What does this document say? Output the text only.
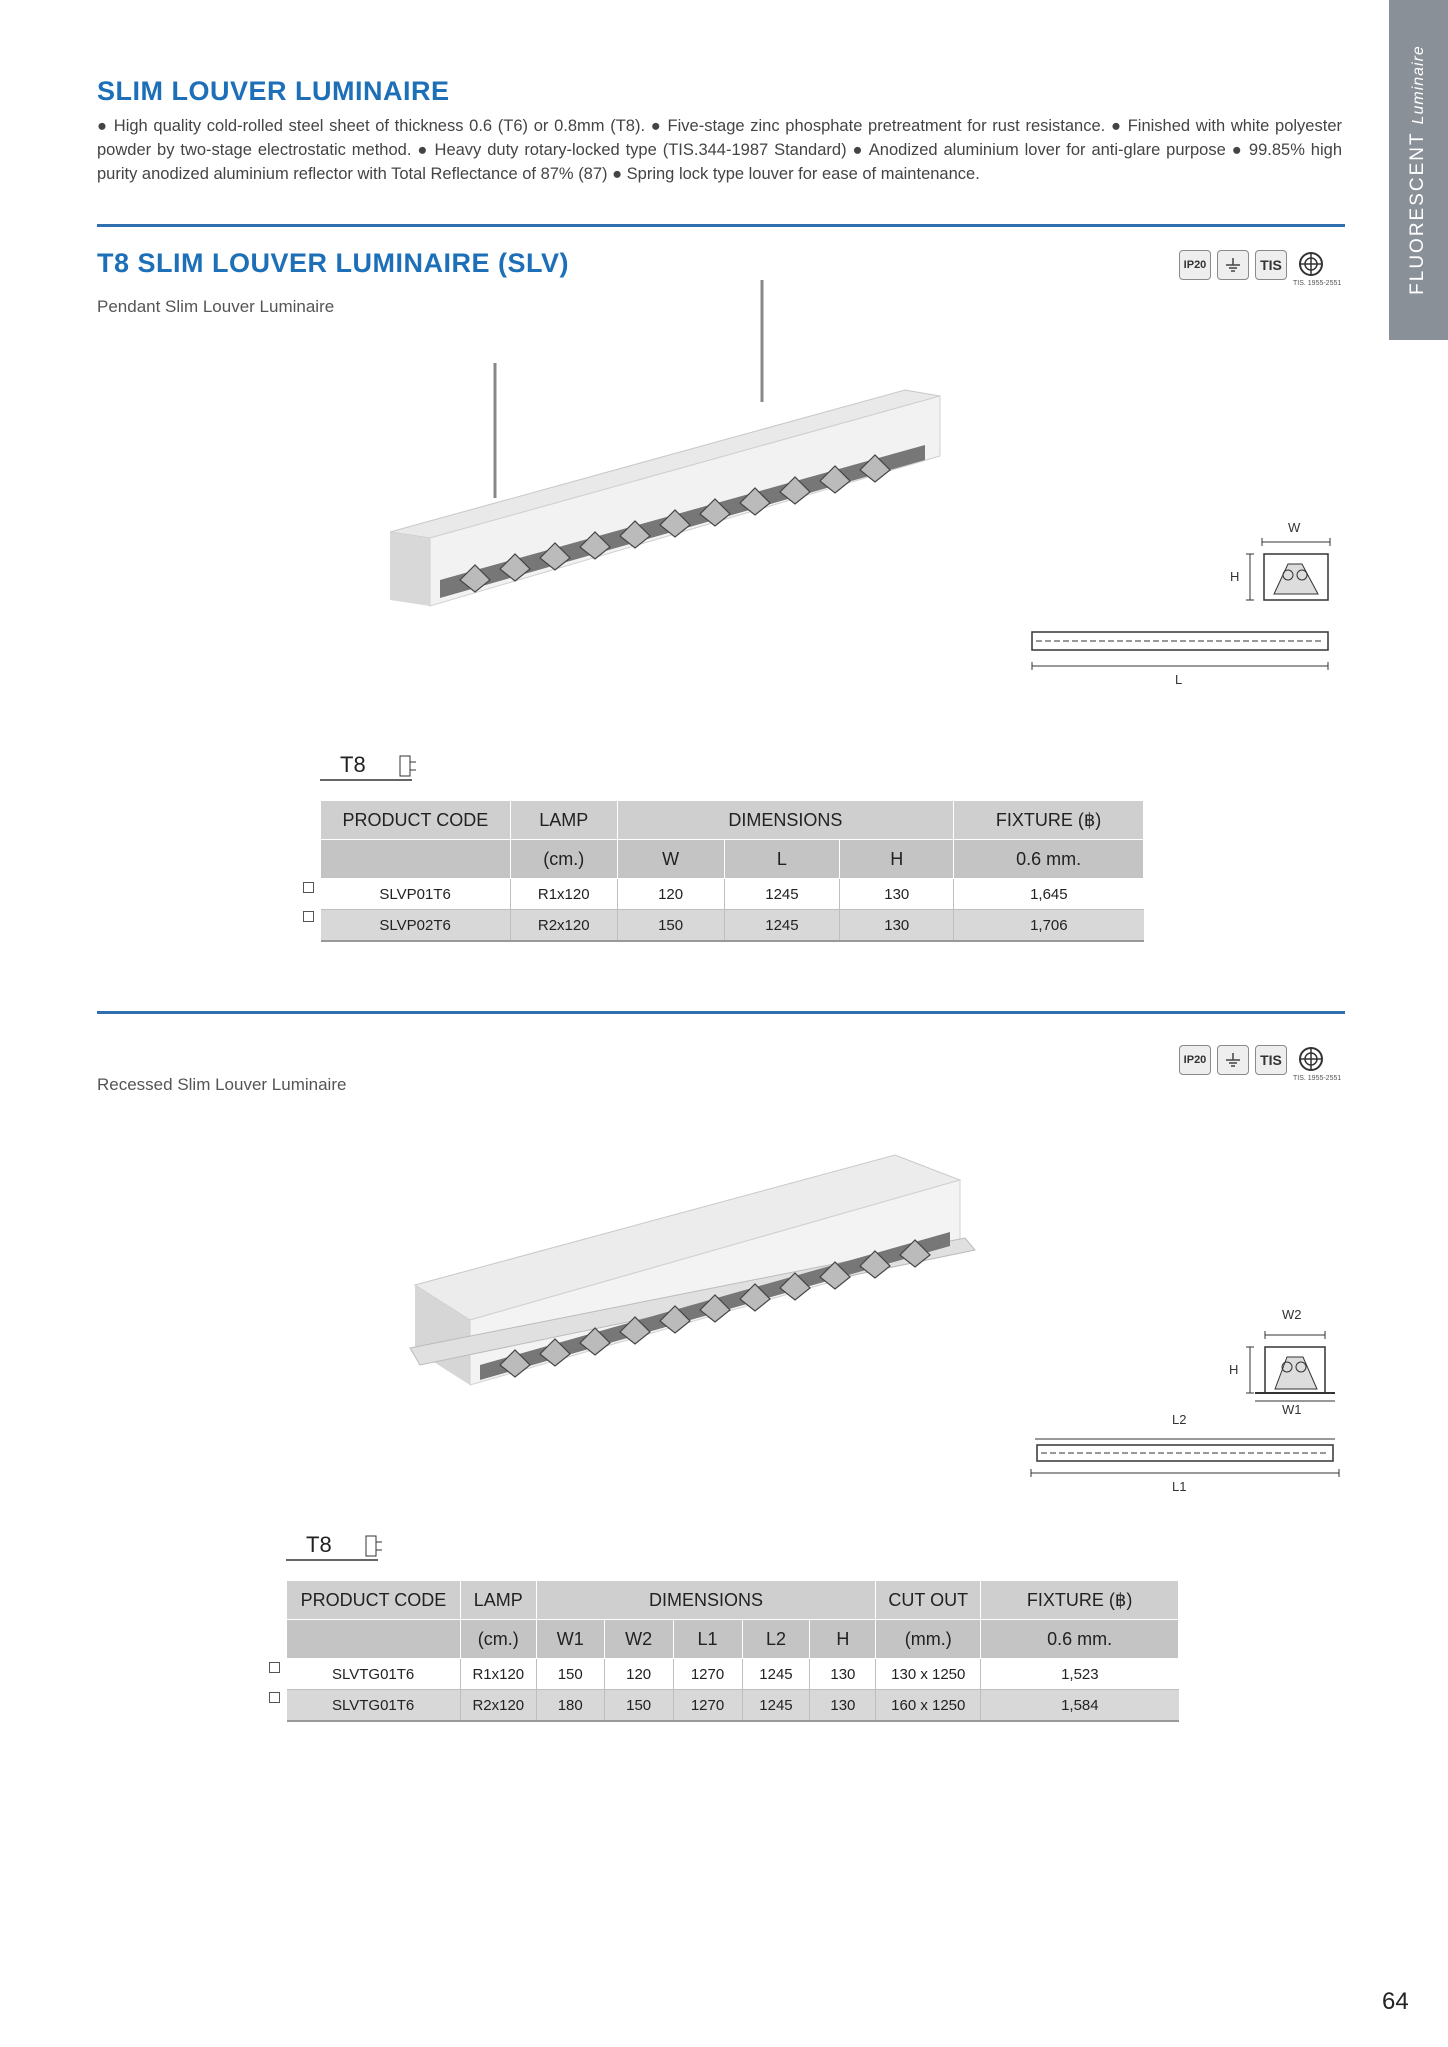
FLUORESCENT Luminaire
SLIM LOUVER LUMINAIRE

● High quality cold-rolled steel sheet of thickness 0.6 (T6) or 0.8mm (T8). ● Five-stage zinc phosphate pretreatment for rust resistance. ● Finished with white polyester powder by two-stage electrostatic method. ● Heavy duty rotary-locked type (TIS.344-1987 Standard) ● Anodized aluminium lover for anti-glare purpose ● 99.85% high purity anodized aluminium reflector with Total Reflectance of 87% (87) ● Spring lock type louver for ease of maintenance.

T8 SLIM LOUVER LUMINAIRE (SLV)
Pendant Slim Louver Luminaire
IP20	TIS
TIS. 1955-2551
W
H
L
T8
PRODUCT CODE	LAMP	DIMENSIONS			FIXTURE (฿)
	(cm.)	W	L	H	0.6 mm.
SLVP01T6	R1x120	120	1245	130	1,645
SLVP02T6	R2x120	150	1245	130	1,706
IP20	TIS
TIS. 1955-2551
Recessed Slim Louver Luminaire
W2
H
W1
L2
L1
T8
PRODUCT CODE	LAMP	DIMENSIONS					CUT OUT	FIXTURE (฿)
	(cm.)	W1	W2	L1	L2	H	(mm.)	0.6 mm.
SLVTG01T6	R1x120	150	120	1270	1245	130	130 x 1250	1,523
SLVTG01T6	R2x120	180	150	1270	1245	130	160 x 1250	1,584
64
